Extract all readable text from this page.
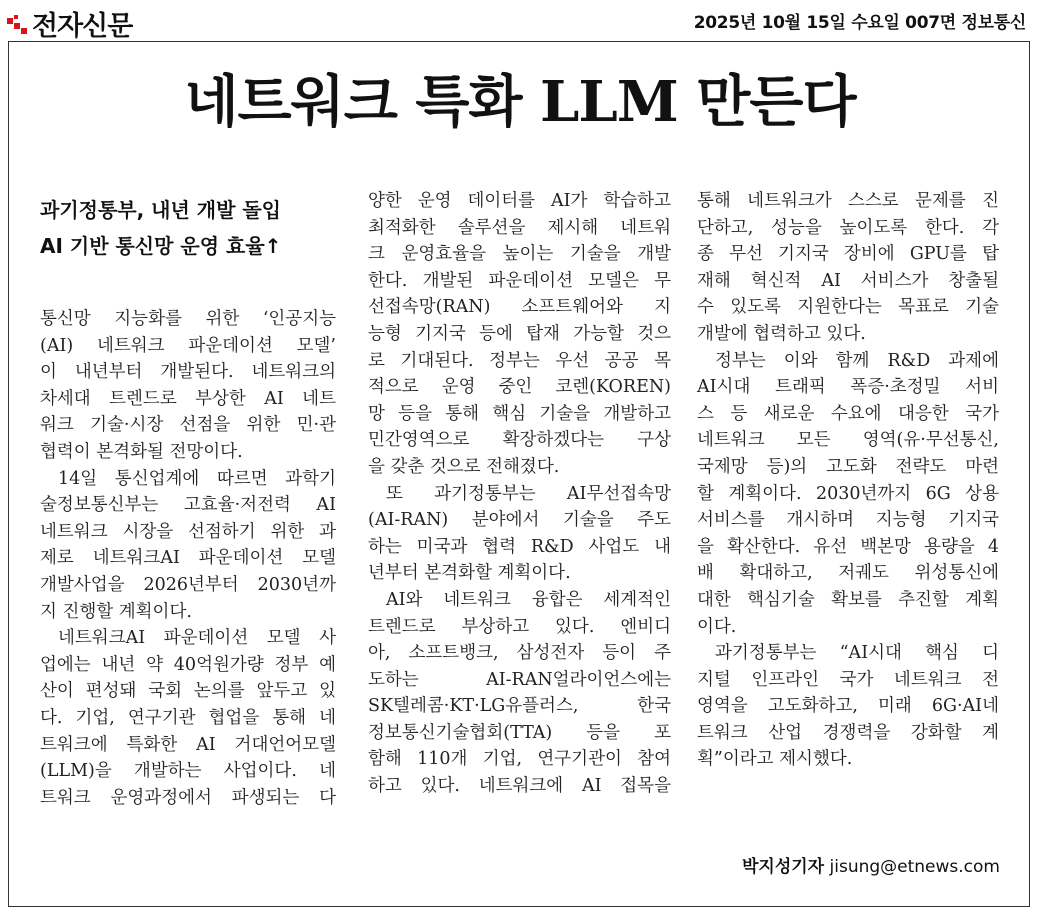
전자신문	2025년 10월 15일 수요일 007면 정보통신
네트워크 특화 LLM 만든다
과기정통부, 내년 개발 돌입
AI 기반 통신망 운영 효율↑
통신망 지능화를 위한 ‘인공지능
(AI) 네트워크 파운데이션 모델’
이 내년부터 개발된다. 네트워크의
차세대 트렌드로 부상한 AI 네트
워크 기술·시장 선점을 위한 민·관
협력이 본격화될 전망이다.
14일 통신업계에 따르면 과학기
술정보통신부는 고효율·저전력 AI
네트워크 시장을 선점하기 위한 과
제로 네트워크AI 파운데이션 모델
개발사업을 2026년부터 2030년까
지 진행할 계획이다.
네트워크AI 파운데이션 모델 사
업에는 내년 약 40억원가량 정부 예
산이 편성돼 국회 논의를 앞두고 있
다. 기업, 연구기관 협업을 통해 네
트워크에 특화한 AI 거대언어모델
(LLM)을 개발하는 사업이다. 네
트워크 운영과정에서 파생되는 다
양한 운영 데이터를 AI가 학습하고
최적화한 솔루션을 제시해 네트워
크 운영효율을 높이는 기술을 개발
한다. 개발된 파운데이션 모델은 무
선접속망(RAN) 소프트웨어와 지
능형 기지국 등에 탑재 가능할 것으
로 기대된다. 정부는 우선 공공 목
적으로 운영 중인 코렌(KOREN)
망 등을 통해 핵심 기술을 개발하고
민간영역으로 확장하겠다는 구상
을 갖춘 것으로 전해졌다.
또 과기정통부는 AI무선접속망
(AI-RAN) 분야에서 기술을 주도
하는 미국과 협력 R&D 사업도 내
년부터 본격화할 계획이다.
AI와 네트워크 융합은 세계적인
트렌드로 부상하고 있다. 엔비디
아, 소프트뱅크, 삼성전자 등이 주
도하는 AI-RAN얼라이언스에는
SK텔레콤·KT·LG유플러스, 한국
정보통신기술협회(TTA) 등을 포
함해 110개 기업, 연구기관이 참여
하고 있다. 네트워크에 AI 접목을
통해 네트워크가 스스로 문제를 진
단하고, 성능을 높이도록 한다. 각
종 무선 기지국 장비에 GPU를 탑
재해 혁신적 AI 서비스가 창출될
수 있도록 지원한다는 목표로 기술
개발에 협력하고 있다.
정부는 이와 함께 R&D 과제에
AI시대 트래픽 폭증·초정밀 서비
스 등 새로운 수요에 대응한 국가
네트워크 모든 영역(유·무선통신,
국제망 등)의 고도화 전략도 마련
할 계획이다. 2030년까지 6G 상용
서비스를 개시하며 지능형 기지국
을 확산한다. 유선 백본망 용량을 4
배 확대하고, 저궤도 위성통신에
대한 핵심기술 확보를 추진할 계획
이다.
과기정통부는 “AI시대 핵심 디
지털 인프라인 국가 네트워크 전
영역을 고도화하고, 미래 6G·AI네
트워크 산업 경쟁력을 강화할 계
획”이라고 제시했다.
박지성기자 jisung@etnews.com
